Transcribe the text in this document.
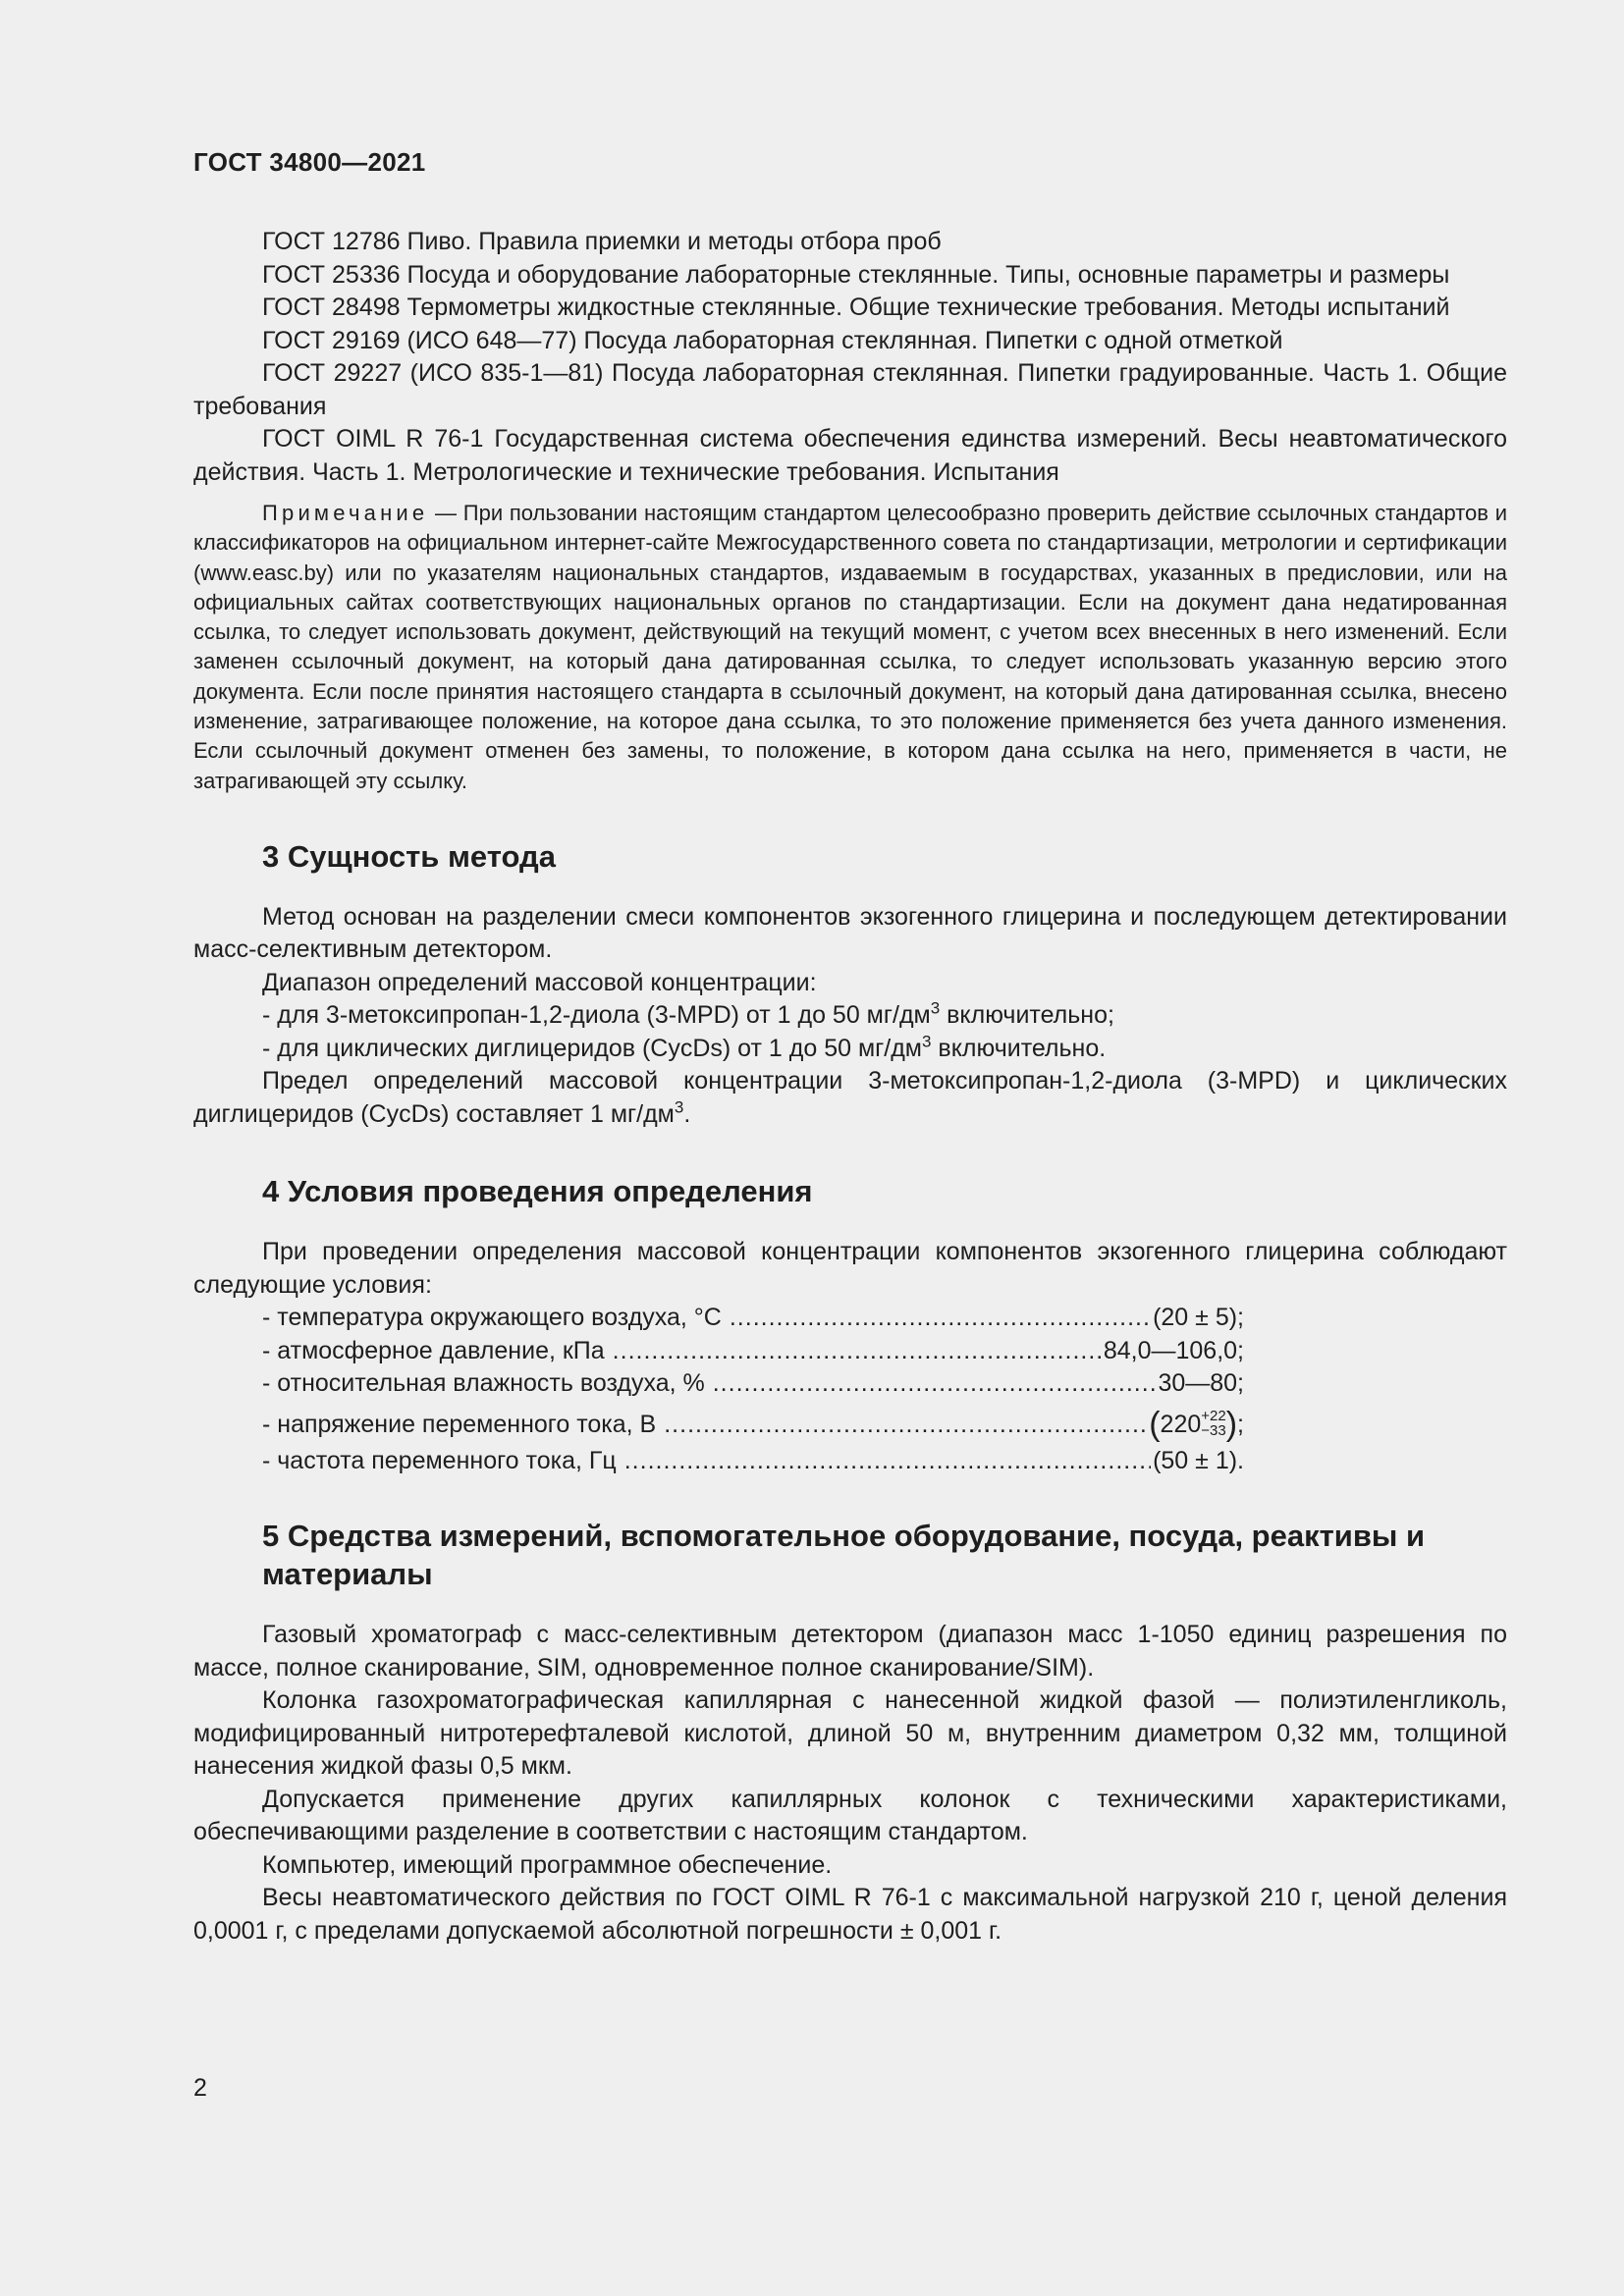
ГОСТ 34800—2021

ГОСТ 12786 Пиво. Правила приемки и методы отбора проб

ГОСТ 25336 Посуда и оборудование лабораторные стеклянные. Типы, основные параметры и размеры

ГОСТ 28498 Термометры жидкостные стеклянные. Общие технические требования. Методы испытаний

ГОСТ 29169 (ИСО 648—77) Посуда лабораторная стеклянная. Пипетки с одной отметкой

ГОСТ 29227 (ИСО 835-1—81) Посуда лабораторная стеклянная. Пипетки градуированные. Часть 1. Общие требования

ГОСТ OIML R 76-1 Государственная система обеспечения единства измерений. Весы неавтоматического действия. Часть 1. Метрологические и технические требования. Испытания

Примечание — При пользовании настоящим стандартом целесообразно проверить действие ссылочных стандартов и классификаторов на официальном интернет-сайте Межгосударственного совета по стандартизации, метрологии и сертификации (www.easc.by) или по указателям национальных стандартов, издаваемым в государствах, указанных в предисловии, или на официальных сайтах соответствующих национальных органов по стандартизации. Если на документ дана недатированная ссылка, то следует использовать документ, действующий на текущий момент, с учетом всех внесенных в него изменений. Если заменен ссылочный документ, на который дана датированная ссылка, то следует использовать указанную версию этого документа. Если после принятия настоящего стандарта в ссылочный документ, на который дана датированная ссылка, внесено изменение, затрагивающее положение, на которое дана ссылка, то это положение применяется без учета данного изменения. Если ссылочный документ отменен без замены, то положение, в котором дана ссылка на него, применяется в части, не затрагивающей эту ссылку.

3 Сущность метода

Метод основан на разделении смеси компонентов экзогенного глицерина и последующем детектировании масс-селективным детектором.

Диапазон определений массовой концентрации:

- для 3-метоксипропан-1,2-диола (3-MPD) от 1 до 50 $мг/дм^3$ включительно;

- для циклических диглицеридов (CycDs) от 1 до 50 $мг/дм^3$ включительно.

Предел определений массовой концентрации 3-метоксипропан-1,2-диола (3-MPD) и циклических диглицеридов (CycDs) составляет 1 $мг/дм^3$.

4 Условия проведения определения

При проведении определения массовой концентрации компонентов экзогенного глицерина соблюдают следующие условия:

- температура окружающего воздуха, °С .....	(20 ± 5);
- атмосферное давление, кПа .....	84,0—106,0;
- относительная влажность воздуха, % .....	30—80;
- напряжение переменного тока, В .....	(220 +22
−33 );
- частота переменного тока, Гц .....	(50 ± 1).
5 Средства измерений, вспомогательное оборудование, посуда, реактивы и материалы

Газовый хроматограф с масс-селективным детектором (диапазон масс 1-1050 единиц разрешения по массе, полное сканирование, SIM, одновременное полное сканирование/SIM).

Колонка газохроматографическая капиллярная с нанесенной жидкой фазой — полиэтиленгликоль, модифицированный нитротерефталевой кислотой, длиной 50 м, внутренним диаметром 0,32 мм, толщиной нанесения жидкой фазы 0,5 мкм.

Допускается применение других капиллярных колонок с техническими характеристиками, обеспечивающими разделение в соответствии с настоящим стандартом.

Компьютер, имеющий программное обеспечение.

Весы неавтоматического действия по ГОСТ OIML R 76-1 с максимальной нагрузкой 210 г, ценой деления 0,0001 г, с пределами допускаемой абсолютной погрешности ± 0,001 г.

2
